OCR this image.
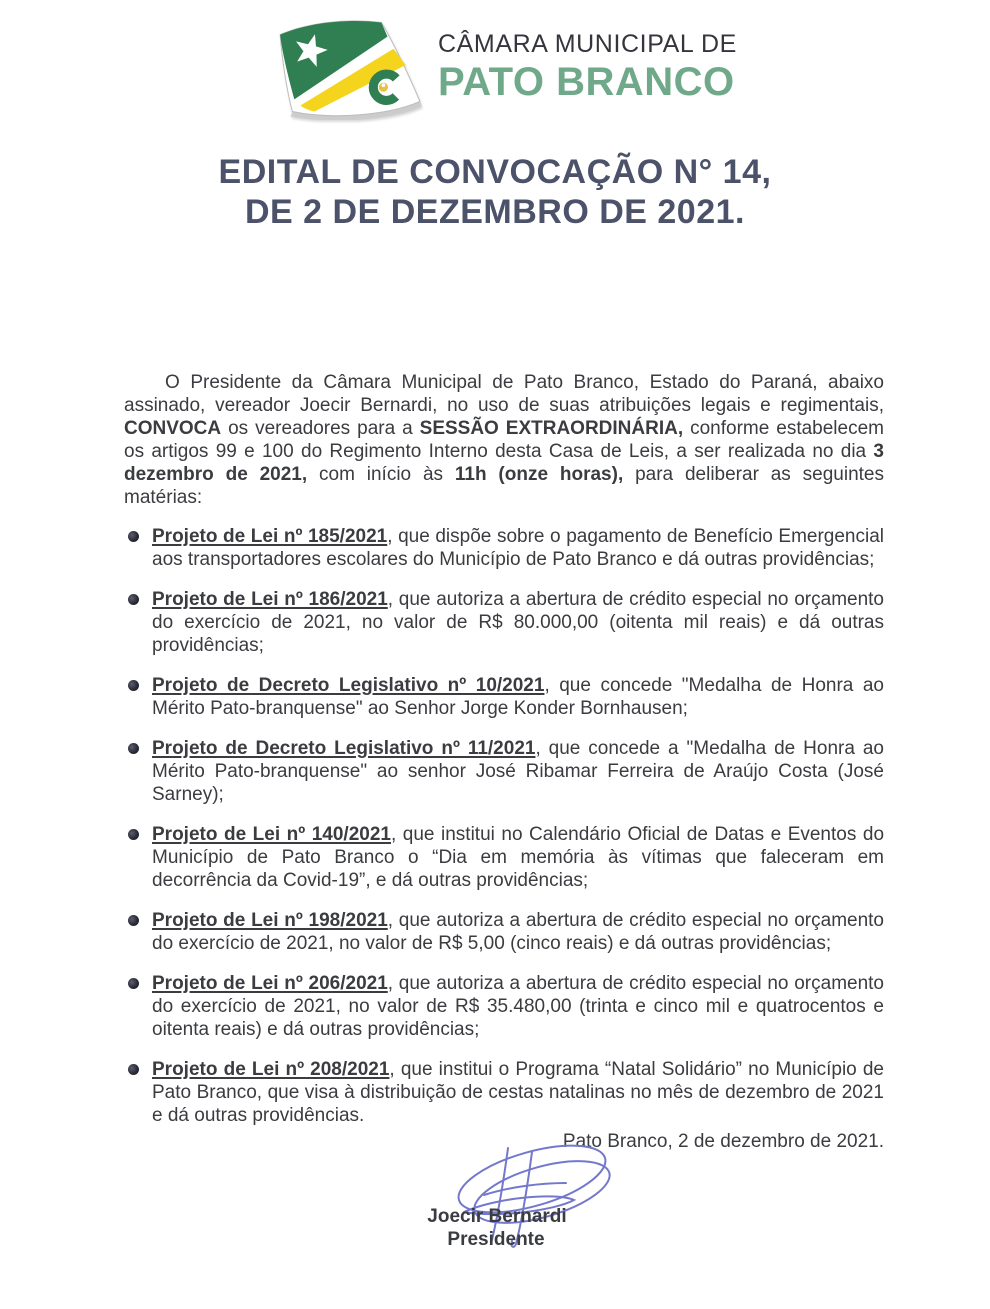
CÂMARA MUNICIPAL DE
PATO BRANCO
EDITAL DE CONVOCAÇÃO N° 14,
DE 2 DE DEZEMBRO DE 2021.

O Presidente da Câmara Municipal de Pato Branco, Estado do Paraná, abaixo assinado, vereador Joecir Bernardi, no uso de suas atribuições legais e regimentais, CONVOCA os vereadores para a SESSÃO EXTRAORDINÁRIA, conforme estabelecem os artigos 99 e 100 do Regimento Interno desta Casa de Leis, a ser realizada no dia 3 dezembro de 2021, com início às 11h (onze horas), para deliberar as seguintes matérias:

Projeto de Lei nº 185/2021, que dispõe sobre o pagamento de Benefício Emergencial aos transportadores escolares do Município de Pato Branco e dá outras providências;
Projeto de Lei nº 186/2021, que autoriza a abertura de crédito especial no orçamento do exercício de 2021, no valor de R$ 80.000,00 (oitenta mil reais) e dá outras providências;
Projeto de Decreto Legislativo nº 10/2021, que concede "Medalha de Honra ao Mérito Pato-branquense" ao Senhor Jorge Konder Bornhausen;
Projeto de Decreto Legislativo nº 11/2021, que concede a "Medalha de Honra ao Mérito Pato-branquense" ao senhor José Ribamar Ferreira de Araújo Costa (José Sarney);
Projeto de Lei nº 140/2021, que institui no Calendário Oficial de Datas e Eventos do Município de Pato Branco o “Dia em memória às vítimas que faleceram em decorrência da Covid-19”, e dá outras providências;
Projeto de Lei nº 198/2021, que autoriza a abertura de crédito especial no orçamento do exercício de 2021, no valor de R$ 5,00 (cinco reais) e dá outras providências;
Projeto de Lei nº 206/2021, que autoriza a abertura de crédito especial no orçamento do exercício de 2021, no valor de R$ 35.480,00 (trinta e cinco mil e quatrocentos e oitenta reais) e dá outras providências;
Projeto de Lei nº 208/2021, que institui o Programa “Natal Solidário” no Município de Pato Branco, que visa à distribuição de cestas natalinas no mês de dezembro de 2021 e dá outras providências.

Pato Branco, 2 de dezembro de 2021.

Joecir Bernardi
Presidente
